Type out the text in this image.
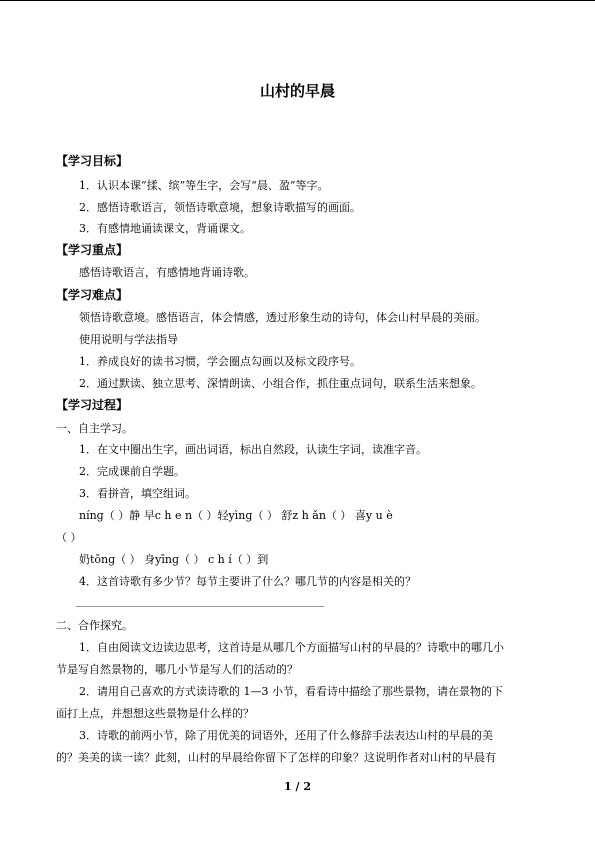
山村的早晨
【学习目标】
1．认识本课“揉、缤”等生字，会写“晨、盈”等字。
2．感悟诗歌语言，领悟诗歌意境，想象诗歌描写的画面。
3．有感情地诵读课文，背诵课文。
【学习重点】
感悟诗歌语言，有感情地背诵诗歌。
【学习难点】
领悟诗歌意境。感悟语言，体会情感，透过形象生动的诗句，体会山村早晨的美丽。
使用说明与学法指导
1．养成良好的读书习惯，学会圈点勾画以及标文段序号。
2．通过默读、独立思考、深情朗读、小组合作，抓住重点词句，联系生活来想象。
【学习过程】
一、自主学习。
1．在文中圈出生字，画出词语，标出自然段，认读生字词，读准字音。
2．完成课前自学题。
3．看拼音，填空组词。
nínɡ（ ）静 早c h e n（ ）轻yìnɡ（ ） 舒z h ǎn（ ） 喜y u è
（ ）
奶tōnɡ（ ） 身yīnɡ（ ） c h í（ ）到
4．这首诗歌有多少节？每节主要讲了什么？哪几节的内容是相关的？
二、合作探究。
1．自由阅读文边读边思考，这首诗是从哪几个方面描写山村的早晨的？诗歌中的哪几小
节是写自然景物的，哪几小节是写人们的活动的？
2．请用自己喜欢的方式读诗歌的 1—3 小节，看看诗中描绘了那些景物，请在景物的下
面打上点，并想想这些景物是什么样的？
3．诗歌的前两小节，除了用优美的词语外，还用了什么修辞手法表达山村的早晨的美
的？美美的读一读？此刻，山村的早晨给你留下了怎样的印象？这说明作者对山村的早晨有
1 / 2
